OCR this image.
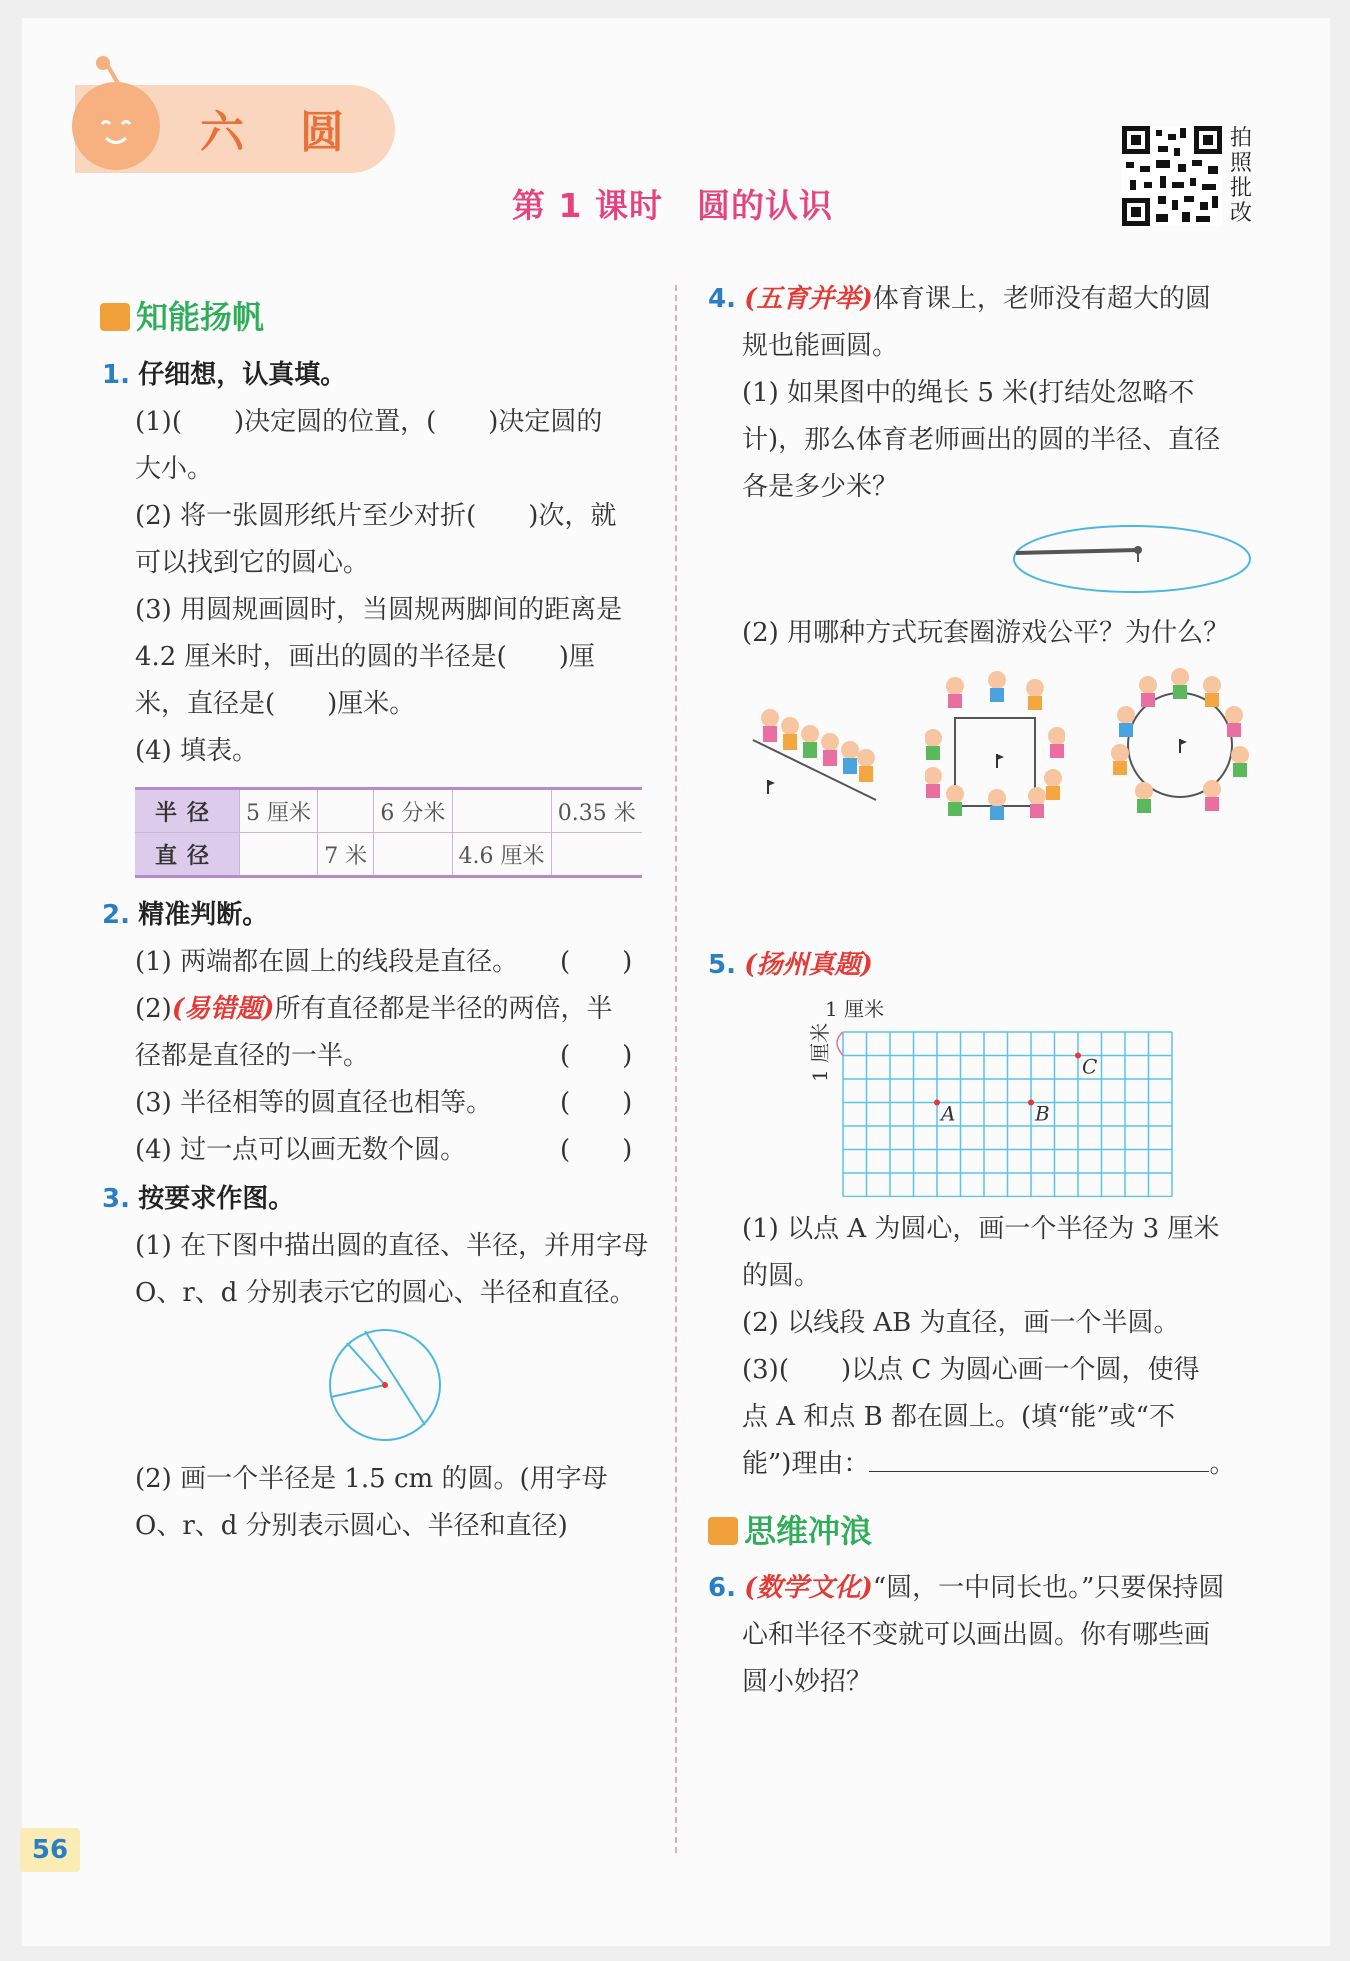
六 圆
第 1 课时　圆的认识
拍照批改
知能扬帆
1. 仔细想，认真填。
(1)(　　)决定圆的位置，(　　)决定圆的
大小。
(2) 将一张圆形纸片至少对折(　　)次，就
可以找到它的圆心。
(3) 用圆规画圆时，当圆规两脚间的距离是
4.2 厘米时，画出的圆的半径是(　　)厘
米，直径是(　　)厘米。
(4) 填表。
半径	5 厘米		6 分米		0.35 米
直径		7 米		4.6 厘米	
2. 精准判断。
(1) 两端都在圆上的线段是直径。 (　　)
(2)(易错题)所有直径都是半径的两倍，半
径都是直径的一半。	(　　)
(3) 半径相等的圆直径也相等。	(　　)
(4) 过一点可以画无数个圆。	(　　)
3. 按要求作图。
(1) 在下图中描出圆的直径、半径，并用字母
O、r、d 分别表示它的圆心、半径和直径。
(2) 画一个半径是 1.5 cm 的圆。(用字母
O、r、d 分别表示圆心、半径和直径)
4. (五育并举)体育课上，老师没有超大的圆
规也能画圆。
(1) 如果图中的绳长 5 米(打结处忽略不
计)，那么体育老师画出的圆的半径、直径
各是多少米？
(2) 用哪种方式玩套圈游戏公平？为什么？
5. (扬州真题)
1 厘米
1 厘米
A	B
C
(1) 以点 A 为圆心，画一个半径为 3 厘米
的圆。
(2) 以线段 AB 为直径，画一个半圆。
(3)(　　)以点 C 为圆心画一个圆，使得
点 A 和点 B 都在圆上。(填“能”或“不
能”)理由：	。
思维冲浪
6. (数学文化)“圆，一中同长也。”只要保持圆
心和半径不变就可以画出圆。你有哪些画
圆小妙招？
56
